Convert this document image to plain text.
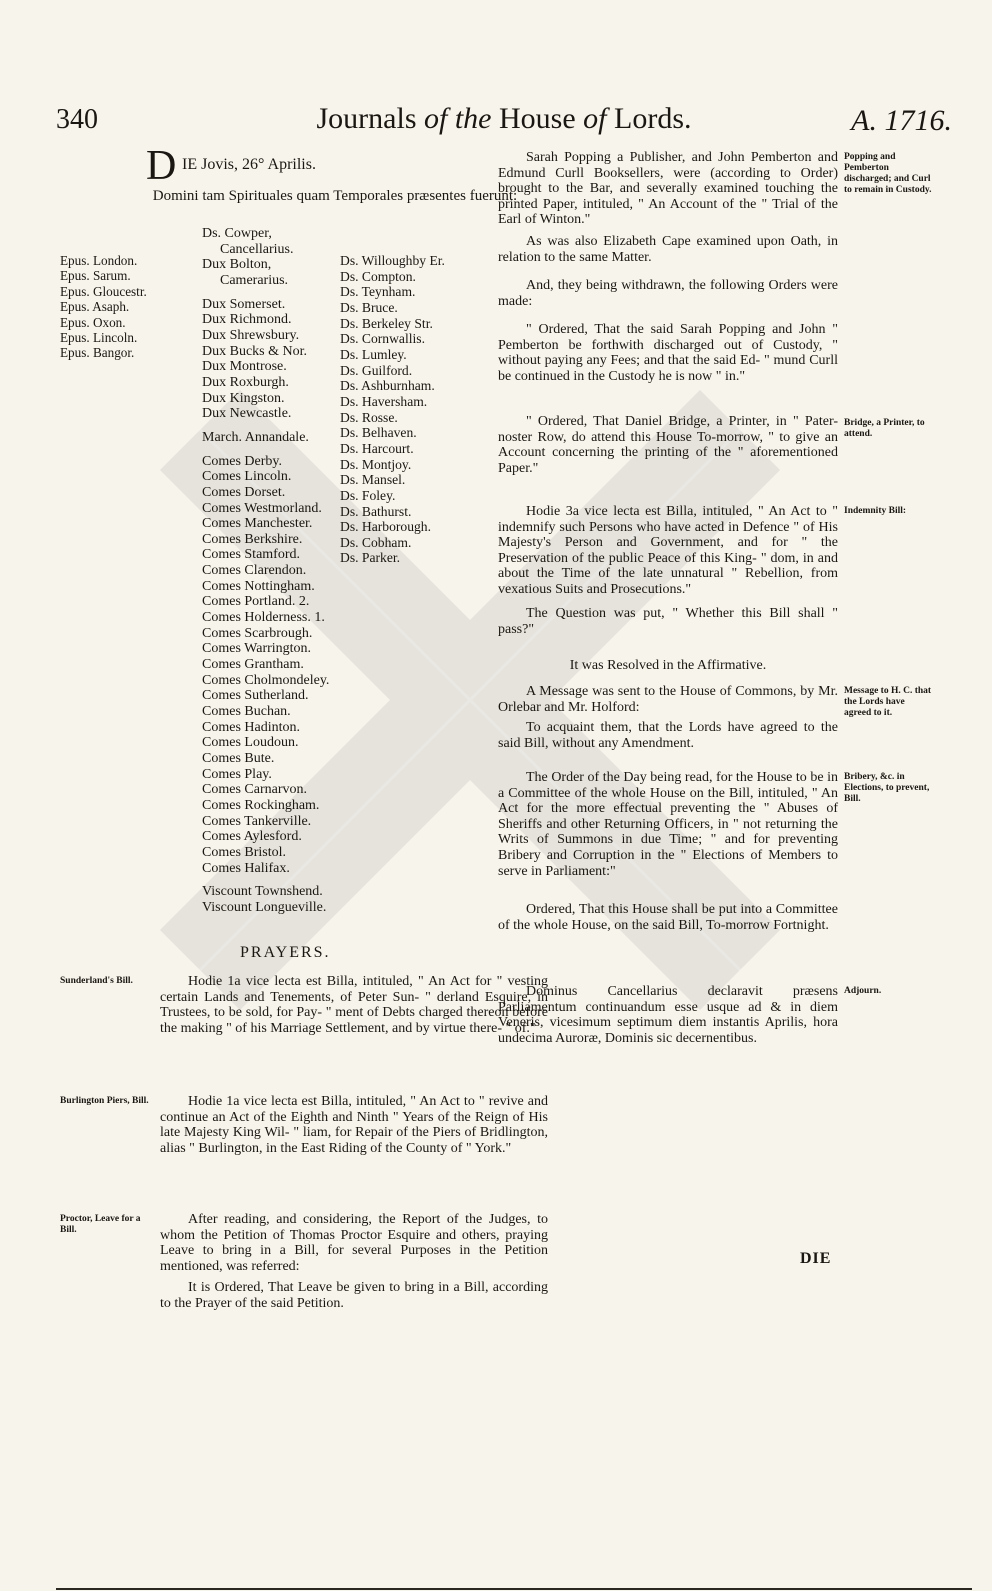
340	Journals of the House of Lords.	A. 1716.
D IE Jovis, 26° Aprilis.
Domini tam Spirituales quam Temporales præsentes fuerunt:
Epus. London.
Epus. Sarum.
Epus. Gloucestr.
Epus. Asaph.
Epus. Oxon.
Epus. Lincoln.
Epus. Bangor.
Ds. Cowper,
Cancellarius.
Dux Bolton,
Camerarius.
Dux Somerset.
Dux Richmond.
Dux Shrewsbury.
Dux Bucks & Nor.
Dux Montrose.
Dux Roxburgh.
Dux Kingston.
Dux Newcastle.
March. Annandale.
Comes Derby.
Comes Lincoln.
Comes Dorset.
Comes Westmorland.
Comes Manchester.
Comes Berkshire.
Comes Stamford.
Comes Clarendon.
Comes Nottingham.
Comes Portland. 2.
Comes Holderness. 1.
Comes Scarbrough.
Comes Warrington.
Comes Grantham.
Comes Cholmondeley.
Comes Sutherland.
Comes Buchan.
Comes Hadinton.
Comes Loudoun.
Comes Bute.
Comes Play.
Comes Carnarvon.
Comes Rockingham.
Comes Tankerville.
Comes Aylesford.
Comes Bristol.
Comes Halifax.
Viscount Townshend.
Viscount Longueville.
Ds. Willoughby Er.
Ds. Compton.
Ds. Teynham.
Ds. Bruce.
Ds. Berkeley Str.
Ds. Cornwallis.
Ds. Lumley.
Ds. Guilford.
Ds. Ashburnham.
Ds. Haversham.
Ds. Rosse.
Ds. Belhaven.
Ds. Harcourt.
Ds. Montjoy.
Ds. Mansel.
Ds. Foley.
Ds. Bathurst.
Ds. Harborough.
Ds. Cobham.
Ds. Parker.
PRAYERS.
Sunderland's Bill.	Hodie 1a vice lecta est Billa, intituled, " An Act for " vesting certain Lands and Tenements, of Peter Sun- " derland Esquire, in Trustees, to be sold, for Pay- " ment of Debts charged thereon before the making " of his Marriage Settlement, and by virtue there- " of."

Burlington Piers, Bill.	Hodie 1a vice lecta est Billa, intituled, " An Act to " revive and continue an Act of the Eighth and Ninth " Years of the Reign of His late Majesty King Wil- " liam, for Repair of the Piers of Bridlington, alias " Burlington, in the East Riding of the County of " York."

Proctor, Leave for a Bill.

After reading, and considering, the Report of the Judges, to whom the Petition of Thomas Proctor Esquire and others, praying Leave to bring in a Bill, for several Purposes in the Petition mentioned, was referred:

It is Ordered, That Leave be given to bring in a Bill, according to the Prayer of the said Petition.

Sarah Popping a Publisher, and John Pemberton and Edmund Curll Booksellers, were (according to Order) brought to the Bar, and severally examined touching the printed Paper, intituled, " An Account of the " Trial of the Earl of Winton."

Popping and Pemberton discharged; and Curl to remain in Custody.

As was also Elizabeth Cape examined upon Oath, in relation to the same Matter.

And, they being withdrawn, the following Orders were made:

" Ordered, That the said Sarah Popping and John " Pemberton be forthwith discharged out of Custody, " without paying any Fees; and that the said Ed- " mund Curll be continued in the Custody he is now " in."

" Ordered, That Daniel Bridge, a Printer, in " Pater-noster Row, do attend this House To-morrow, " to give an Account concerning the printing of the " aforementioned Paper."

Bridge, a Printer, to attend.

Hodie 3a vice lecta est Billa, intituled, " An Act to " indemnify such Persons who have acted in Defence " of His Majesty's Person and Government, and for " the Preservation of the public Peace of this King- " dom, in and about the Time of the late unnatural " Rebellion, from vexatious Suits and Prosecutions."

Indemnity Bill:

The Question was put, " Whether this Bill shall " pass?"

It was Resolved in the Affirmative.

A Message was sent to the House of Commons, by Mr. Orlebar and Mr. Holford:

Message to H. C. that the Lords have agreed to it.

To acquaint them, that the Lords have agreed to the said Bill, without any Amendment.

The Order of the Day being read, for the House to be in a Committee of the whole House on the Bill, intituled, " An Act for the more effectual preventing the " Abuses of Sheriffs and other Returning Officers, in " not returning the Writs of Summons in due Time; " and for preventing Bribery and Corruption in the " Elections of Members to serve in Parliament:"

Bribery, &c. in Elections, to prevent, Bill.

Ordered, That this House shall be put into a Committee of the whole House, on the said Bill, To-morrow Fortnight.

Dominus Cancellarius declaravit præsens Parliamentum continuandum esse usque ad & in diem Veneris, vicesimum septimum diem instantis Aprilis, hora undecima Auroræ, Dominis sic decernentibus.

Adjourn.
DIE
